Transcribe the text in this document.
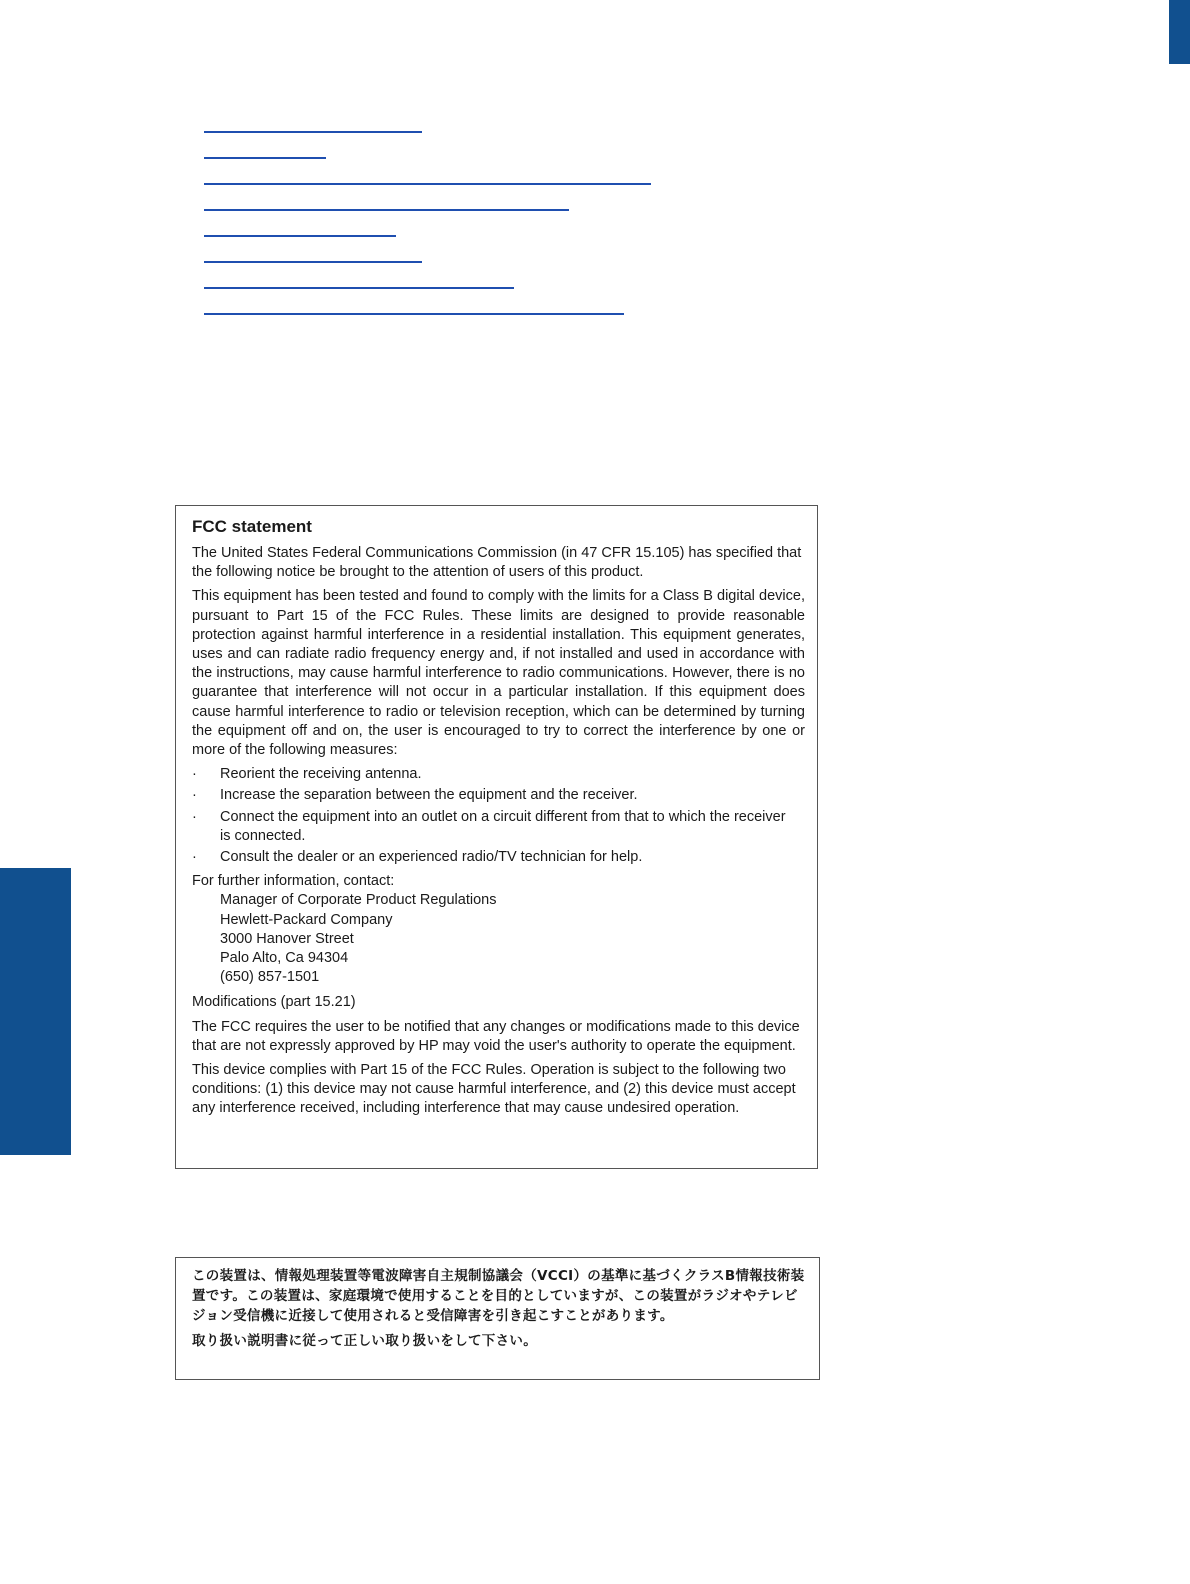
FCC statement

The United States Federal Communications Commission (in 47 CFR 15.105) has specified that the following notice be brought to the attention of users of this product.

This equipment has been tested and found to comply with the limits for a Class B digital device, pursuant to Part 15 of the FCC Rules. These limits are designed to provide reasonable protection against harmful interference in a residential installation. This equipment generates, uses and can radiate radio frequency energy and, if not installed and used in accordance with the instructions, may cause harmful interference to radio communications. However, there is no guarantee that interference will not occur in a particular installation. If this equipment does cause harmful interference to radio or television reception, which can be determined by turning the equipment off and on, the user is encouraged to try to correct the interference by one or more of the following measures:

· Reorient the receiving antenna.
· Increase the separation between the equipment and the receiver.
· Connect the equipment into an outlet on a circuit different from that to which the receiver is connected.
· Consult the dealer or an experienced radio/TV technician for help.
For further information, contact:
Manager of Corporate Product Regulations
Hewlett-Packard Company
3000 Hanover Street
Palo Alto, Ca 94304
(650) 857-1501

Modifications (part 15.21)

The FCC requires the user to be notified that any changes or modifications made to this device that are not expressly approved by HP may void the user's authority to operate the equipment.

This device complies with Part 15 of the FCC Rules. Operation is subject to the following two conditions: (1) this device may not cause harmful interference, and (2) this device must accept any interference received, including interference that may cause undesired operation.

この装置は、情報処理装置等電波障害自主規制協議会（VCCI）の基準に基づくクラスB情報技術装置です。この装置は、家庭環境で使用することを目的としていますが、この装置がラジオやテレビジョン受信機に近接して使用されると受信障害を引き起こすことがあります。

取り扱い説明書に従って正しい取り扱いをして下さい。
